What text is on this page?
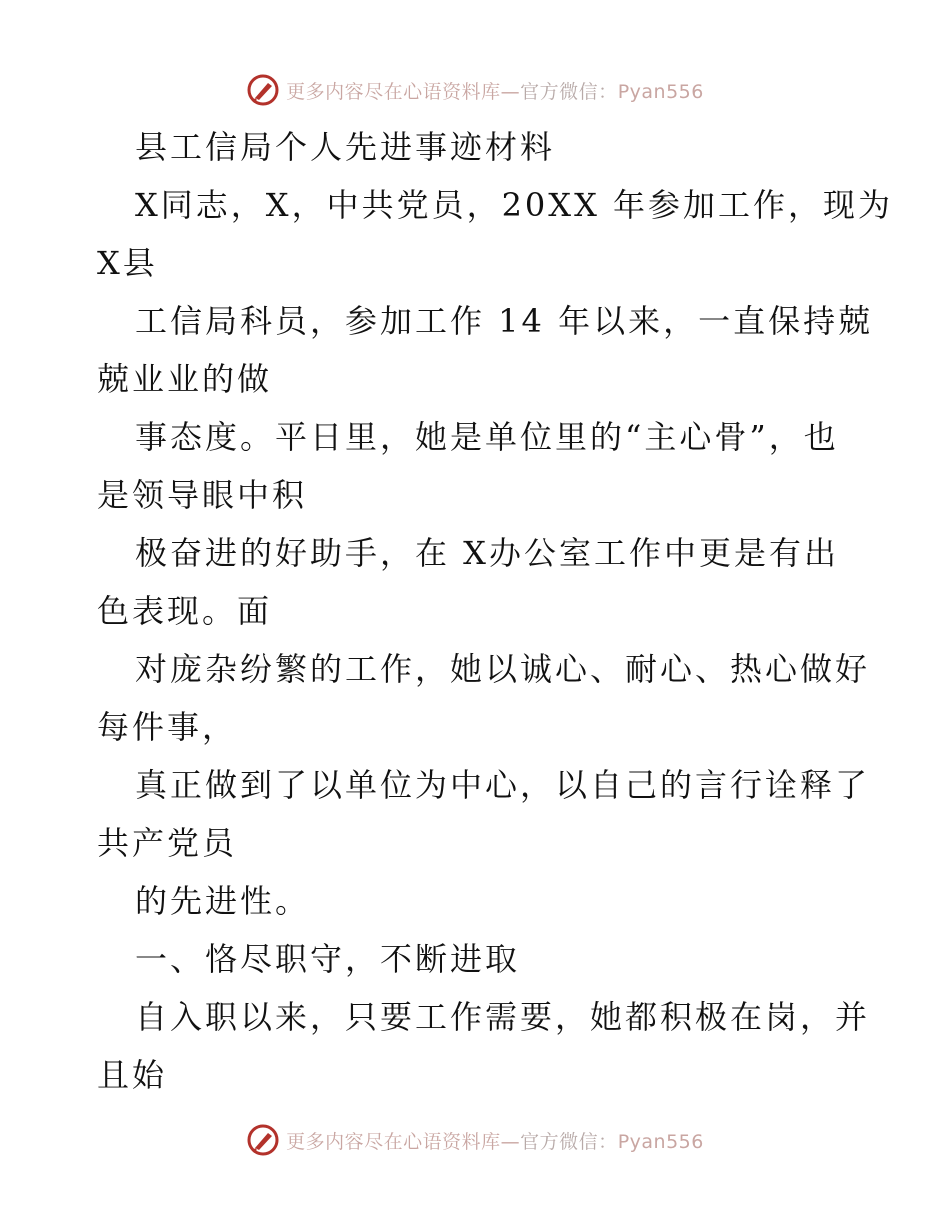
更多内容尽在心语资料库—官方微信：Pyan556
县工信局个人先进事迹材料
X同志，X，中共党员，20XX 年参加工作，现为
X县
工信局科员，参加工作 14 年以来，一直保持兢
兢业业的做
事态度。平日里，她是单位里的“主心骨”，也
是领导眼中积
极奋进的好助手，在 X办公室工作中更是有出
色表现。面
对庞杂纷繁的工作，她以诚心、耐心、热心做好
每件事，
真正做到了以单位为中心，以自己的言行诠释了
共产党员
的先进性。
一、恪尽职守，不断进取
自入职以来，只要工作需要，她都积极在岗，并
且始
更多内容尽在心语资料库—官方微信：Pyan556
